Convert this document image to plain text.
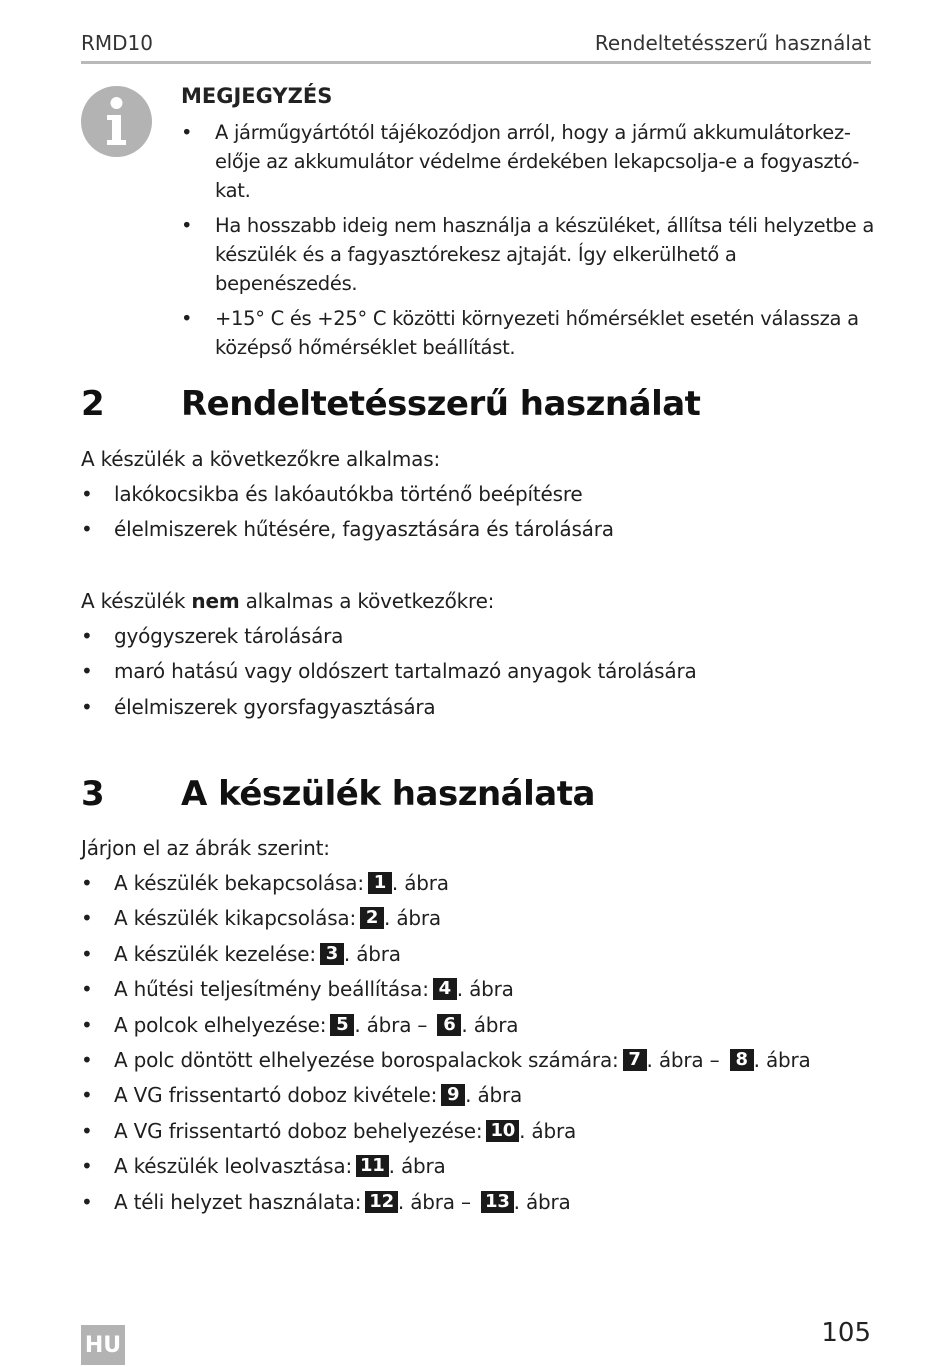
RMD10	Rendeltetésszerű használat
MEGJEGYZÉS
• A járműgyártótól tájékozódjon arról, hogy a jármű akkumulátorkezelője az akkumulátor védelme érdekében lekapcsolja-e a fogyasztókat.
• Ha hosszabb ideig nem használja a készüléket, állítsa téli helyzetbe a készülék és a fagyasztórekesz ajtaját. Így elkerülhető a bepenészedés.
• +15° C és +25° C közötti környezeti hőmérséklet esetén válassza a középső hőmérséklet beállítást.
2 Rendeltetésszerű használat
A készülék a következőkre alkalmas:
• lakókocsikba és lakóautókba történő beépítésre
• élelmiszerek hűtésére, fagyasztására és tárolására
A készülék nem alkalmas a következőkre:
• gyógyszerek tárolására
• maró hatású vagy oldószert tartalmazó anyagok tárolására
• élelmiszerek gyorsfagyasztására
3 A készülék használata
Járjon el az ábrák szerint:
• A készülék bekapcsolása: 1 . ábra
• A készülék kikapcsolása: 2 . ábra
• A készülék kezelése: 3 . ábra
• A hűtési teljesítmény beállítása: 4 . ábra
• A polcok elhelyezése: 5 . ábra – 6 . ábra
• A polc döntött elhelyezése borospalackok számára: 7 . ábra – 8 . ábra
• A VG frissentartó doboz kivétele: 9 . ábra
• A VG frissentartó doboz behelyezése: 10 . ábra
• A készülék leolvasztása: 11 . ábra
• A téli helyzet használata: 12 . ábra – 13 . ábra
HU	105
